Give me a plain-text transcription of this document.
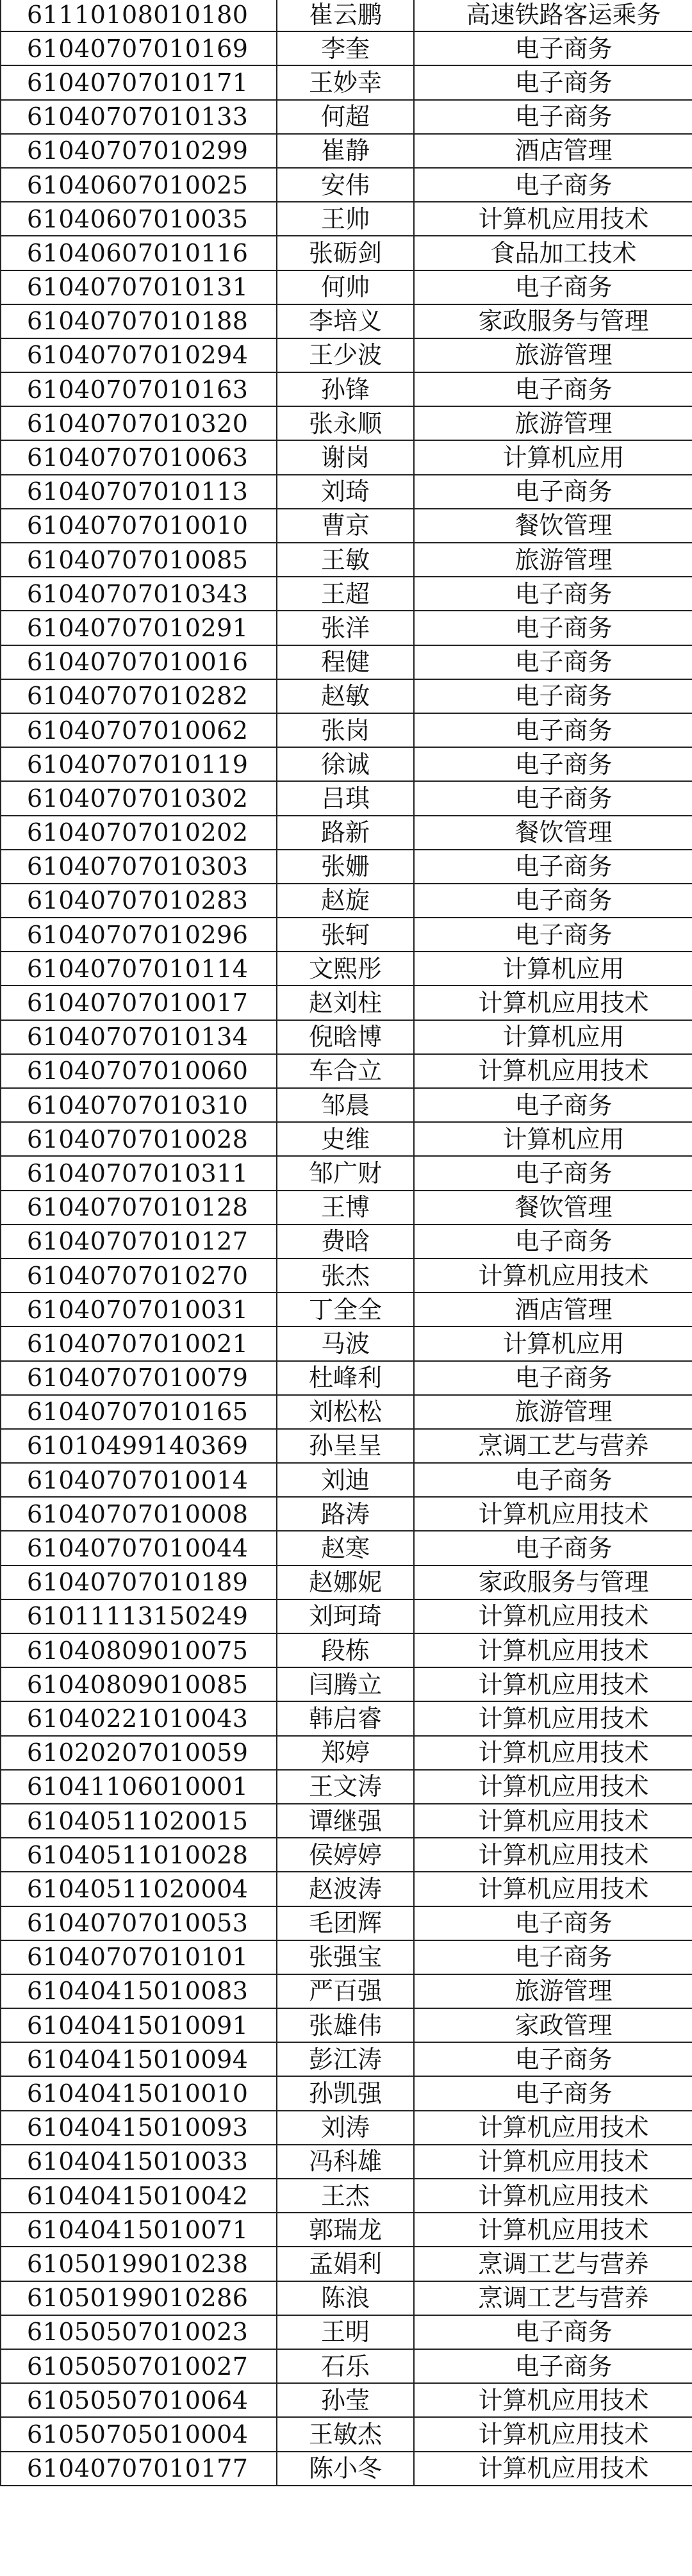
61110108010180	崔云鹏	高速铁路客运乘务
61040707010169	李奎	电子商务
61040707010171	王妙幸	电子商务
61040707010133	何超	电子商务
61040707010299	崔静	酒店管理
61040607010025	安伟	电子商务
61040607010035	王帅	计算机应用技术
61040607010116	张砺剑	食品加工技术
61040707010131	何帅	电子商务
61040707010188	李培义	家政服务与管理
61040707010294	王少波	旅游管理
61040707010163	孙锋	电子商务
61040707010320	张永顺	旅游管理
61040707010063	谢岗	计算机应用
61040707010113	刘琦	电子商务
61040707010010	曹京	餐饮管理
61040707010085	王敏	旅游管理
61040707010343	王超	电子商务
61040707010291	张洋	电子商务
61040707010016	程健	电子商务
61040707010282	赵敏	电子商务
61040707010062	张岗	电子商务
61040707010119	徐诚	电子商务
61040707010302	吕琪	电子商务
61040707010202	路新	餐饮管理
61040707010303	张姗	电子商务
61040707010283	赵旋	电子商务
61040707010296	张轲	电子商务
61040707010114	文熙彤	计算机应用
61040707010017	赵刘柱	计算机应用技术
61040707010134	倪晗博	计算机应用
61040707010060	车合立	计算机应用技术
61040707010310	邹晨	电子商务
61040707010028	史维	计算机应用
61040707010311	邹广财	电子商务
61040707010128	王博	餐饮管理
61040707010127	费晗	电子商务
61040707010270	张杰	计算机应用技术
61040707010031	丁全全	酒店管理
61040707010021	马波	计算机应用
61040707010079	杜峰利	电子商务
61040707010165	刘松松	旅游管理
61010499140369	孙呈呈	烹调工艺与营养
61040707010014	刘迪	电子商务
61040707010008	路涛	计算机应用技术
61040707010044	赵寒	电子商务
61040707010189	赵娜妮	家政服务与管理
61011113150249	刘珂琦	计算机应用技术
61040809010075	段栋	计算机应用技术
61040809010085	闫腾立	计算机应用技术
61040221010043	韩启睿	计算机应用技术
61020207010059	郑婷	计算机应用技术
61041106010001	王文涛	计算机应用技术
61040511020015	谭继强	计算机应用技术
61040511010028	侯婷婷	计算机应用技术
61040511020004	赵波涛	计算机应用技术
61040707010053	毛团辉	电子商务
61040707010101	张强宝	电子商务
61040415010083	严百强	旅游管理
61040415010091	张雄伟	家政管理
61040415010094	彭江涛	电子商务
61040415010010	孙凯强	电子商务
61040415010093	刘涛	计算机应用技术
61040415010033	冯科雄	计算机应用技术
61040415010042	王杰	计算机应用技术
61040415010071	郭瑞龙	计算机应用技术
61050199010238	孟娟利	烹调工艺与营养
61050199010286	陈浪	烹调工艺与营养
61050507010023	王明	电子商务
61050507010027	石乐	电子商务
61050507010064	孙莹	计算机应用技术
61050705010004	王敏杰	计算机应用技术
61040707010177	陈小冬	计算机应用技术
